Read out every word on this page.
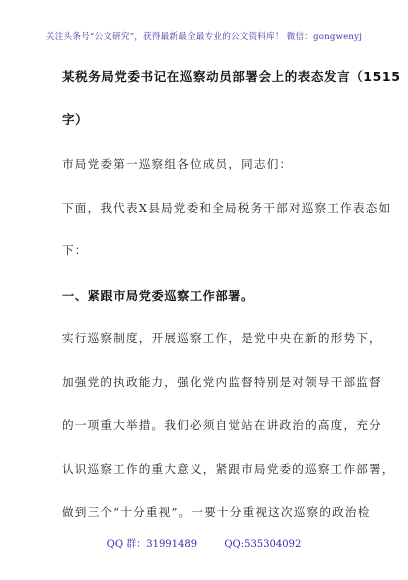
关注头条号“公文研究”，获得最新最全最专业的公文资料库！ 微信：gongwenyj
某税务局党委书记在巡察动员部署会上的表态发言（1515
字）
市局党委第一巡察组各位成员，同志们：
下面，我代表X县局党委和全局税务干部对巡察工作表态如
下：
一、紧跟市局党委巡察工作部署。
实行巡察制度，开展巡察工作，是党中央在新的形势下，
加强党的执政能力，强化党内监督特别是对领导干部监督
的一项重大举措。我们必须自觉站在讲政治的高度，充分
认识巡察工作的重大意义，紧跟市局党委的巡察工作部署，
做到三个“十分重视”。一要十分重视这次巡察的政治检
QQ 群：31991489	QQ:535304092
